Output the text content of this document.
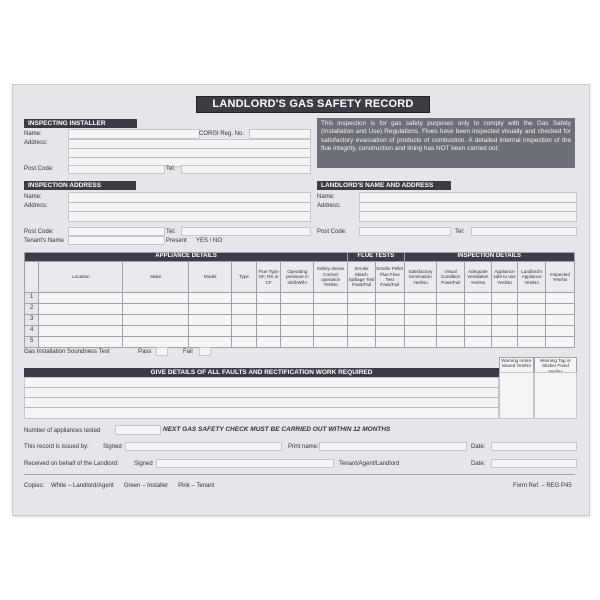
LANDLORD'S GAS SAFETY RECORD
INSPECTING INSTALLER
Name:	CORGI Reg. No.
Address:
Post Code:	Tel:
This inspection is for gas safety purposes only to comply with the Gas Safety (Installation and Use) Regulations. Flues have been inspected visually and checked for satisfactory evacuation of products of combustion. A detailed internal inspection of the flue integrity, construction and lining has NOT been carried out.
INSPECTION ADDRESS
Name:
Address:
Post Code:	Tel:
Tenant's Name	Present YES / NO
LANDLORD'S NAME AND ADDRESS
Name:
Address:
Post Code:	Tel:
APPLIANCE DETAILS								FLUE TESTS		INSPECTION DETAILS					
	Location	Make	Model	Type	Flue Type OF, RS or CF	Operating pressure in mb/kW/hr	Safety device Correct operation Yes/No	Smoke Match Spillage Test Pass/Fail	Smoke Pellet Flue Flow Test Pass/Fail	Satisfactory termination Yes/No	Visual Condition Pass/Fail	Adequate Ventilation Yes/No	Appliance safe to use Yes/No	Landlord's Appliance Yes/No	Inspected Yes/No
1															
2															
3															
4															
5															
Gas Installation Soundness Test	Pass	Fail
Warning notice issued Yes/No
Warning Tag or Sticker Fixed
GIVE DETAILS OF ALL FAULTS AND RECTIFICATION WORK REQUIRED
Number of appliances tested	NEXT GAS SAFETY CHECK MUST BE CARRIED OUT WITHIN 12 MONTHS
This record is issued by: Signed	Print name:	Date:
Received on behalf of the Landlord:	Signed	Tenant/Agent/Landlord	Date:
Copies:    White – Landlord/Agent      Green – Installer      Pink – Tenant	Form Ref. – REG P45
